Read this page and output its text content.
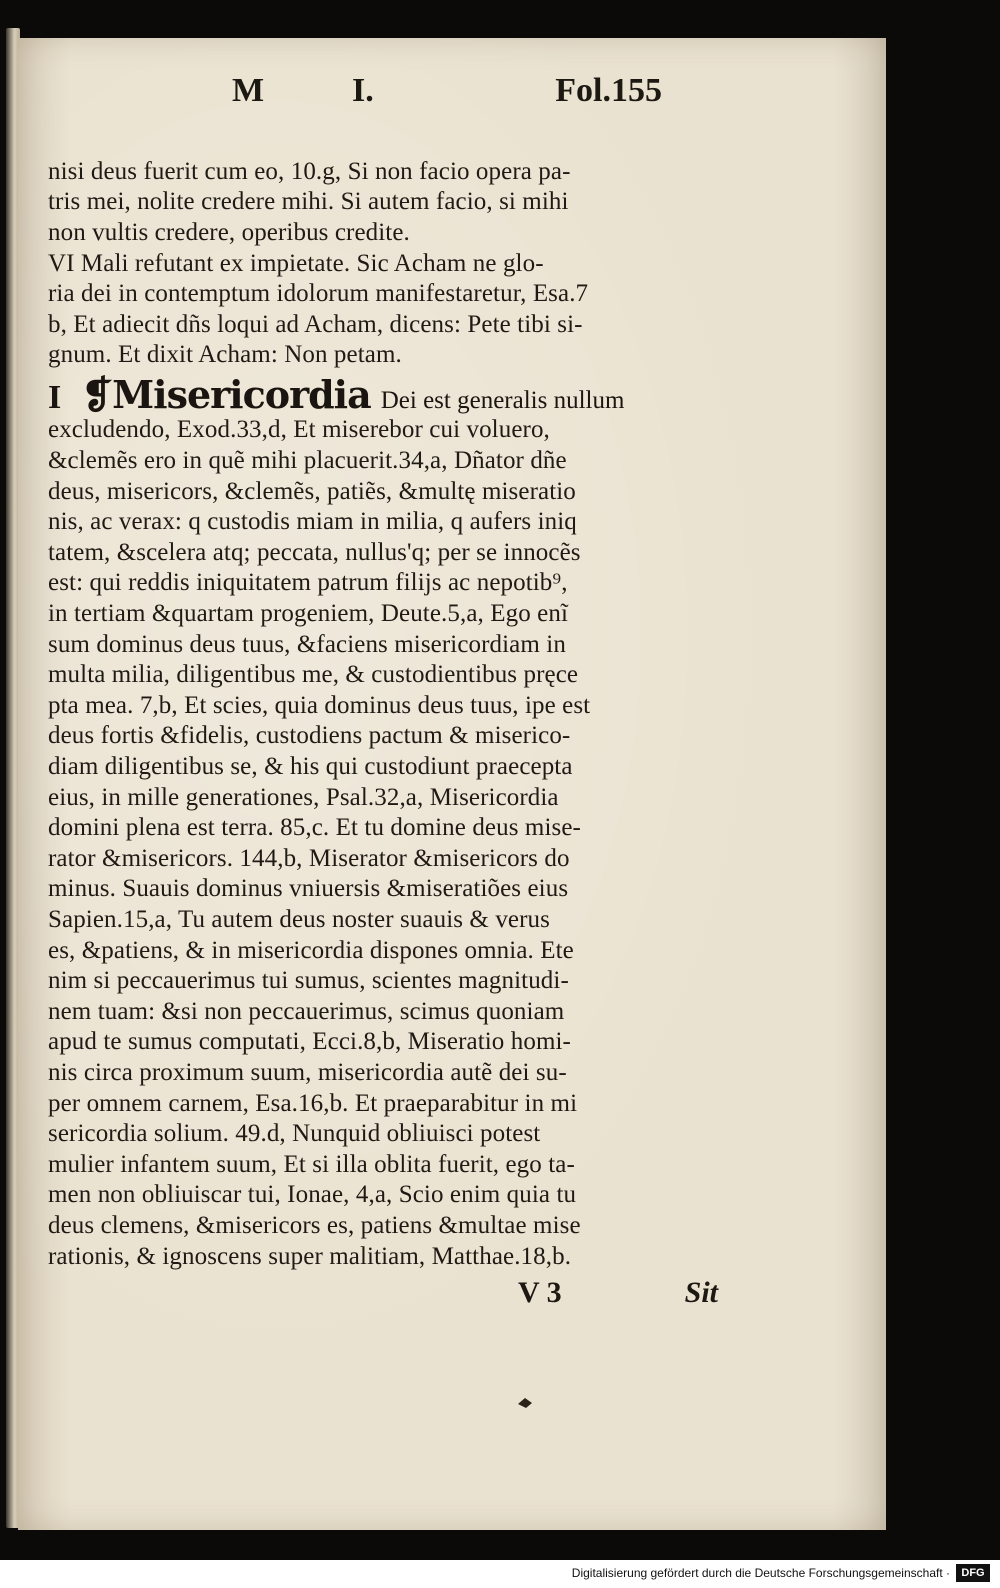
M	I.	Fol.155
nisi deus fuerit cum eo, 10.g, Si non facio opera pa‑
tris mei, nolite credere mihi. Si autem facio, si mihi
non vultis credere, operibus credite.
VI Mali refutant ex impietate. Sic Acham ne glo‑
ria dei in contemptum idolorum manifestaretur, Esa.7
b, Et adiecit dñs loqui ad Acham, dicens: Pete tibi si‑
gnum. Et dixit Acham: Non petam.
I ❡Misericordia Dei est generalis nullum
excludendo, Exod.33,d, Et miserebor cui voluero,
&clemẽs ero in quẽ mihi placuerit.34,a, Dñator dñe
deus, misericors, &clemẽs, patiẽs, &multę miseratio
nis, ac verax: q custodis miam in milia, q aufers iniq
tatem, &scelera atq; peccata, nullus'q; per se innocẽs
est: qui reddis iniquitatem patrum filijs ac nepotib⁹,
in tertiam &quartam progeniem, Deute.5,a, Ego enĩ
sum dominus deus tuus, &faciens misericordiam in
multa milia, diligentibus me, & custodientibus pręce
pta mea. 7,b, Et scies, quia dominus deus tuus, ipe est
deus fortis &fidelis, custodiens pactum & miserico‑
diam diligentibus se, & his qui custodiunt praecepta
eius, in mille generationes, Psal.32,a, Misericordia
domini plena est terra. 85,c. Et tu domine deus mise‑
rator &misericors. 144,b, Miserator &misericors do
minus. Suauis dominus vniuersis &miseratiões eius
Sapien.15,a, Tu autem deus noster suauis & verus
es, &patiens, & in misericordia dispones omnia. Ete
nim si peccauerimus tui sumus, scientes magnitudi‑
nem tuam: &si non peccauerimus, scimus quoniam
apud te sumus computati, Ecci.8,b, Miseratio homi‑
nis circa proximum suum, misericordia autẽ dei su‑
per omnem carnem, Esa.16,b. Et praeparabitur in mi
sericordia solium. 49.d, Nunquid obliuisci potest
mulier infantem suum, Et si illa oblita fuerit, ego ta‑
men non obliuiscar tui, Ionae, 4,a, Scio enim quia tu
deus clemens, &misericors es, patiens &multae mise
rationis, & ignoscens super malitiam, Matthae.18,b.
V 3	Sit
Digitalisierung gefördert durch die Deutsche Forschungsgemeinschaft ·	DFG
